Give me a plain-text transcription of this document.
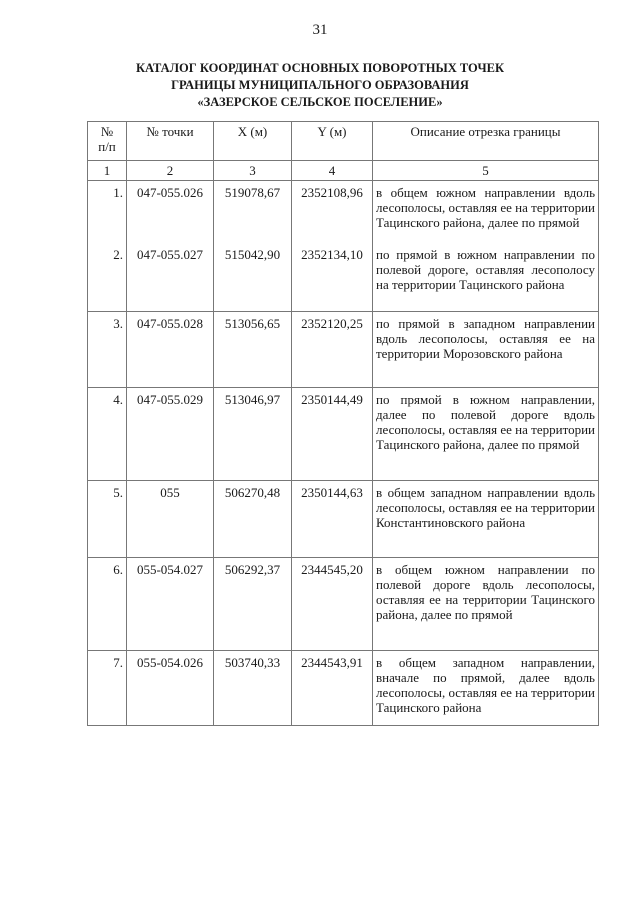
31
КАТАЛОГ КООРДИНАТ ОСНОВНЫХ ПОВОРОТНЫХ ТОЧЕК
ГРАНИЦЫ МУНИЦИПАЛЬНОГО ОБРАЗОВАНИЯ
«ЗАЗЕРСКОЕ СЕЛЬСКОЕ ПОСЕЛЕНИЕ»
№
п/п	№ точки	X (м)	Y (м)	Описание отрезка границы
1	2	3	4	5
1.	047-055.026	519078,67	2352108,96	в общем южном направлении вдоль лесополосы, оставляя ее на территории Тацинского района, далее по прямой
2.	047-055.027	515042,90	2352134,10	по прямой в южном направлении по полевой дороге, оставляя лесополосу на территории Тацинского района
3.	047-055.028	513056,65	2352120,25	по прямой в западном направлении вдоль лесополосы, оставляя ее на территории Морозовского района
4.	047-055.029	513046,97	2350144,49	по прямой в южном направлении, далее по полевой дороге вдоль лесополосы, оставляя ее на территории Тацинского района, далее по прямой
5.	055	506270,48	2350144,63	в общем западном направлении вдоль лесополосы, оставляя ее на территории Константиновского района
6.	055-054.027	506292,37	2344545,20	в общем южном направлении по полевой дороге вдоль лесополосы, оставляя ее на территории Тацинского района, далее по прямой
7.	055-054.026	503740,33	2344543,91	в общем западном направлении, вначале по прямой, далее вдоль лесополосы, оставляя ее на территории Тацинского района
